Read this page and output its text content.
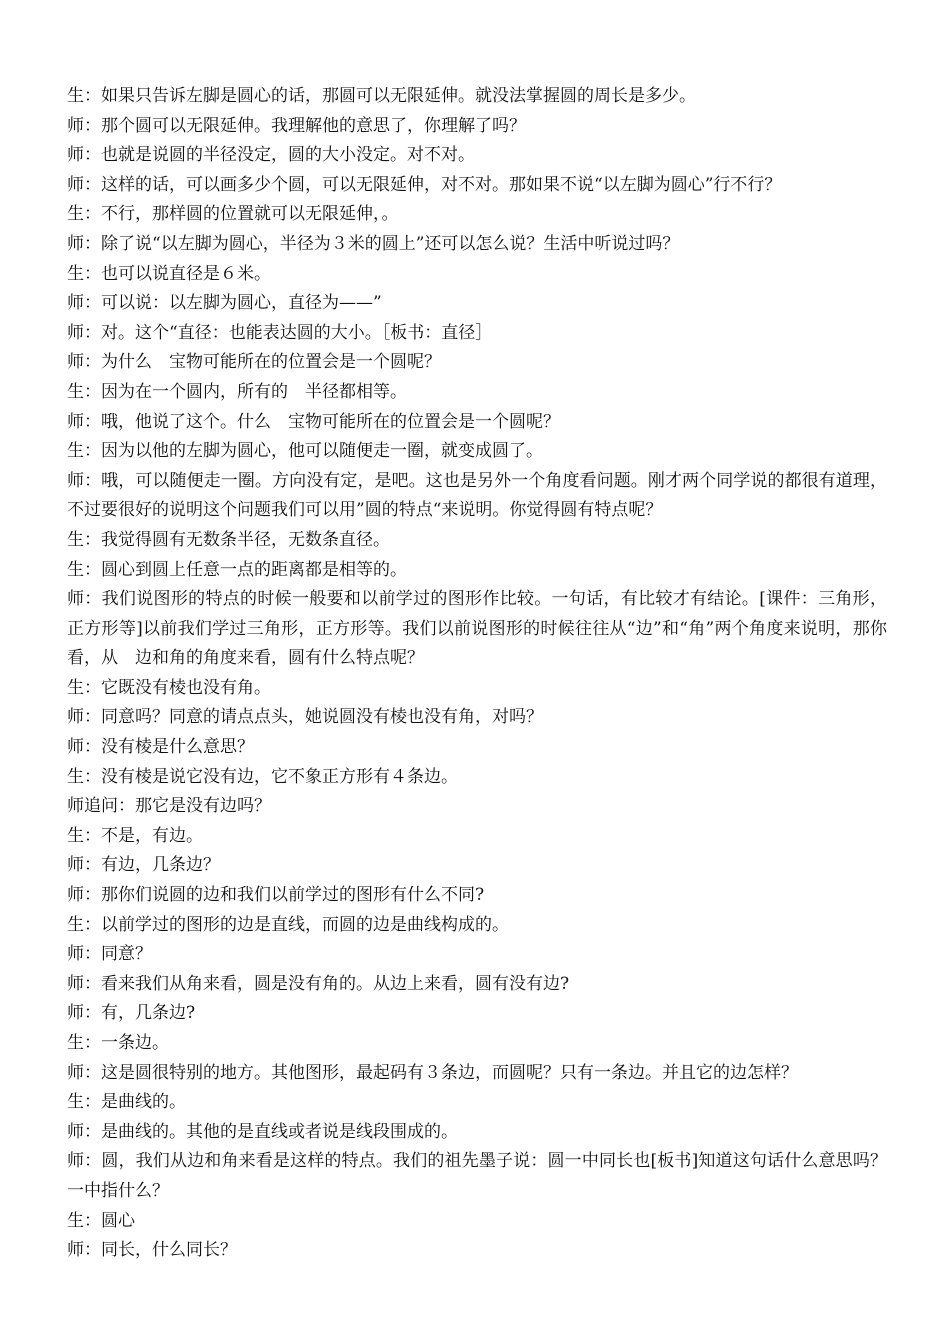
生：如果只告诉左脚是圆心的话，那圆可以无限延伸。就没法掌握圆的周长是多少。

师：那个圆可以无限延伸。我理解他的意思了，你理解了吗？

师：也就是说圆的半径没定，圆的大小没定。对不对。

师：这样的话，可以画多少个圆，可以无限延伸，对不对。那如果不说“以左脚为圆心”行不行？

生：不行，那样圆的位置就可以无限延伸，。

师：除了说“以左脚为圆心，半径为３米的圆上”还可以怎么说？生活中听说过吗？

生：也可以说直径是６米。

师：可以说：以左脚为圆心，直径为——”

师：对。这个“直径：也能表达圆的大小。［板书：直径］

师：为什么　宝物可能所在的位置会是一个圆呢？

生：因为在一个圆内，所有的　半径都相等。

师：哦，他说了这个。什么　宝物可能所在的位置会是一个圆呢？

生：因为以他的左脚为圆心，他可以随便走一圈，就变成圆了。

师：哦，可以随便走一圈。方向没有定，是吧。这也是另外一个角度看问题。刚才两个同学说的都很有道理，不过要很好的说明这个问题我们可以用”圆的特点“来说明。你觉得圆有特点呢？

生：我觉得圆有无数条半径，无数条直径。

生：圆心到圆上任意一点的距离都是相等的。

师：我们说图形的特点的时候一般要和以前学过的图形作比较。一句话，有比较才有结论。[课件：三角形，正方形等]以前我们学过三角形，正方形等。我们以前说图形的时候往往从“边”和“角”两个角度来说明，那你看，从　边和角的角度来看，圆有什么特点呢？

生：它既没有棱也没有角。

师：同意吗？同意的请点点头，她说圆没有棱也没有角，对吗？

师：没有棱是什么意思？

生：没有棱是说它没有边，它不象正方形有４条边。

师追问：那它是没有边吗？

生：不是，有边。

师：有边，几条边？

师：那你们说圆的边和我们以前学过的图形有什么不同?

生：以前学过的图形的边是直线，而圆的边是曲线构成的。

师：同意？

师：看来我们从角来看，圆是没有角的。从边上来看，圆有没有边?

师：有，几条边?

生：一条边。

师：这是圆很特别的地方。其他图形，最起码有３条边，而圆呢？只有一条边。并且它的边怎样？

生：是曲线的。

师：是曲线的。其他的是直线或者说是线段围成的。

师：圆，我们从边和角来看是这样的特点。我们的祖先墨子说：圆一中同长也[板书]知道这句话什么意思吗？一中指什么？

生：圆心

师：同长，什么同长？
